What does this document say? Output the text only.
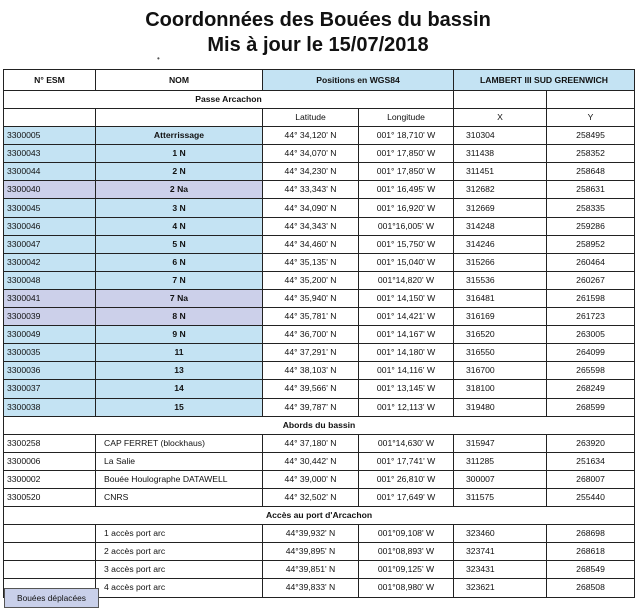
Coordonnées des Bouées du bassin
Mis à jour le 15/07/2018
•
N° ESM	NOM	Positions en WGS84		LAMBERT III SUD GREENWICH	
Passe Arcachon					
		Latitude	Longitude	X	Y
3300005	Atterrissage	44° 34,120' N	001° 18,710' W	310304	258495
3300043	1 N	44° 34,070' N	001° 17,850' W	311438	258352
3300044	2 N	44° 34,230' N	001° 17,850' W	311451	258648
3300040	2 Na	44° 33,343' N	001° 16,495' W	312682	258631
3300045	3 N	44° 34,090' N	001° 16,920' W	312669	258335
3300046	4 N	44° 34,343' N	001°16,005' W	314248	259286
3300047	5 N	44° 34,460' N	001° 15,750' W	314246	258952
3300042	6 N	44° 35,135' N	001° 15,040' W	315266	260464
3300048	7 N	44° 35,200' N	001°14,820' W	315536	260267
3300041	7 Na	44° 35,940' N	001° 14,150' W	316481	261598
3300039	8 N	44° 35,781' N	001° 14,421' W	316169	261723
3300049	9 N	44° 36,700' N	001° 14,167' W	316520	263005
3300035	11	44° 37,291' N	001° 14,180' W	316550	264099
3300036	13	44° 38,103' N	001° 14,116' W	316700	265598
3300037	14	44° 39,566' N	001° 13,145' W	318100	268249
3300038	15	44° 39,787' N	001° 12,113' W	319480	268599
Abords du bassin					
3300258	CAP FERRET (blockhaus)	44° 37,180' N	001°14,630' W	315947	263920
3300006	La Salie	44° 30,442' N	001° 17,741' W	311285	251634
3300002	Bouée Houlographe DATAWELL	44° 39,000' N	001° 26,810' W	300007	268007
3300520	CNRS	44° 32,502' N	001° 17,649' W	311575	255440
Accès au port d'Arcachon					
	1 accès port arc	44°39,932' N	001°09,108' W	323460	268698
	2 accès port arc	44°39,895' N	001°08,893' W	323741	268618
	3 accès port arc	44°39,851' N	001°09,125' W	323431	268549
	4 accès port arc	44°39,833' N	001°08,980' W	323621	268508
Bouées déplacées
